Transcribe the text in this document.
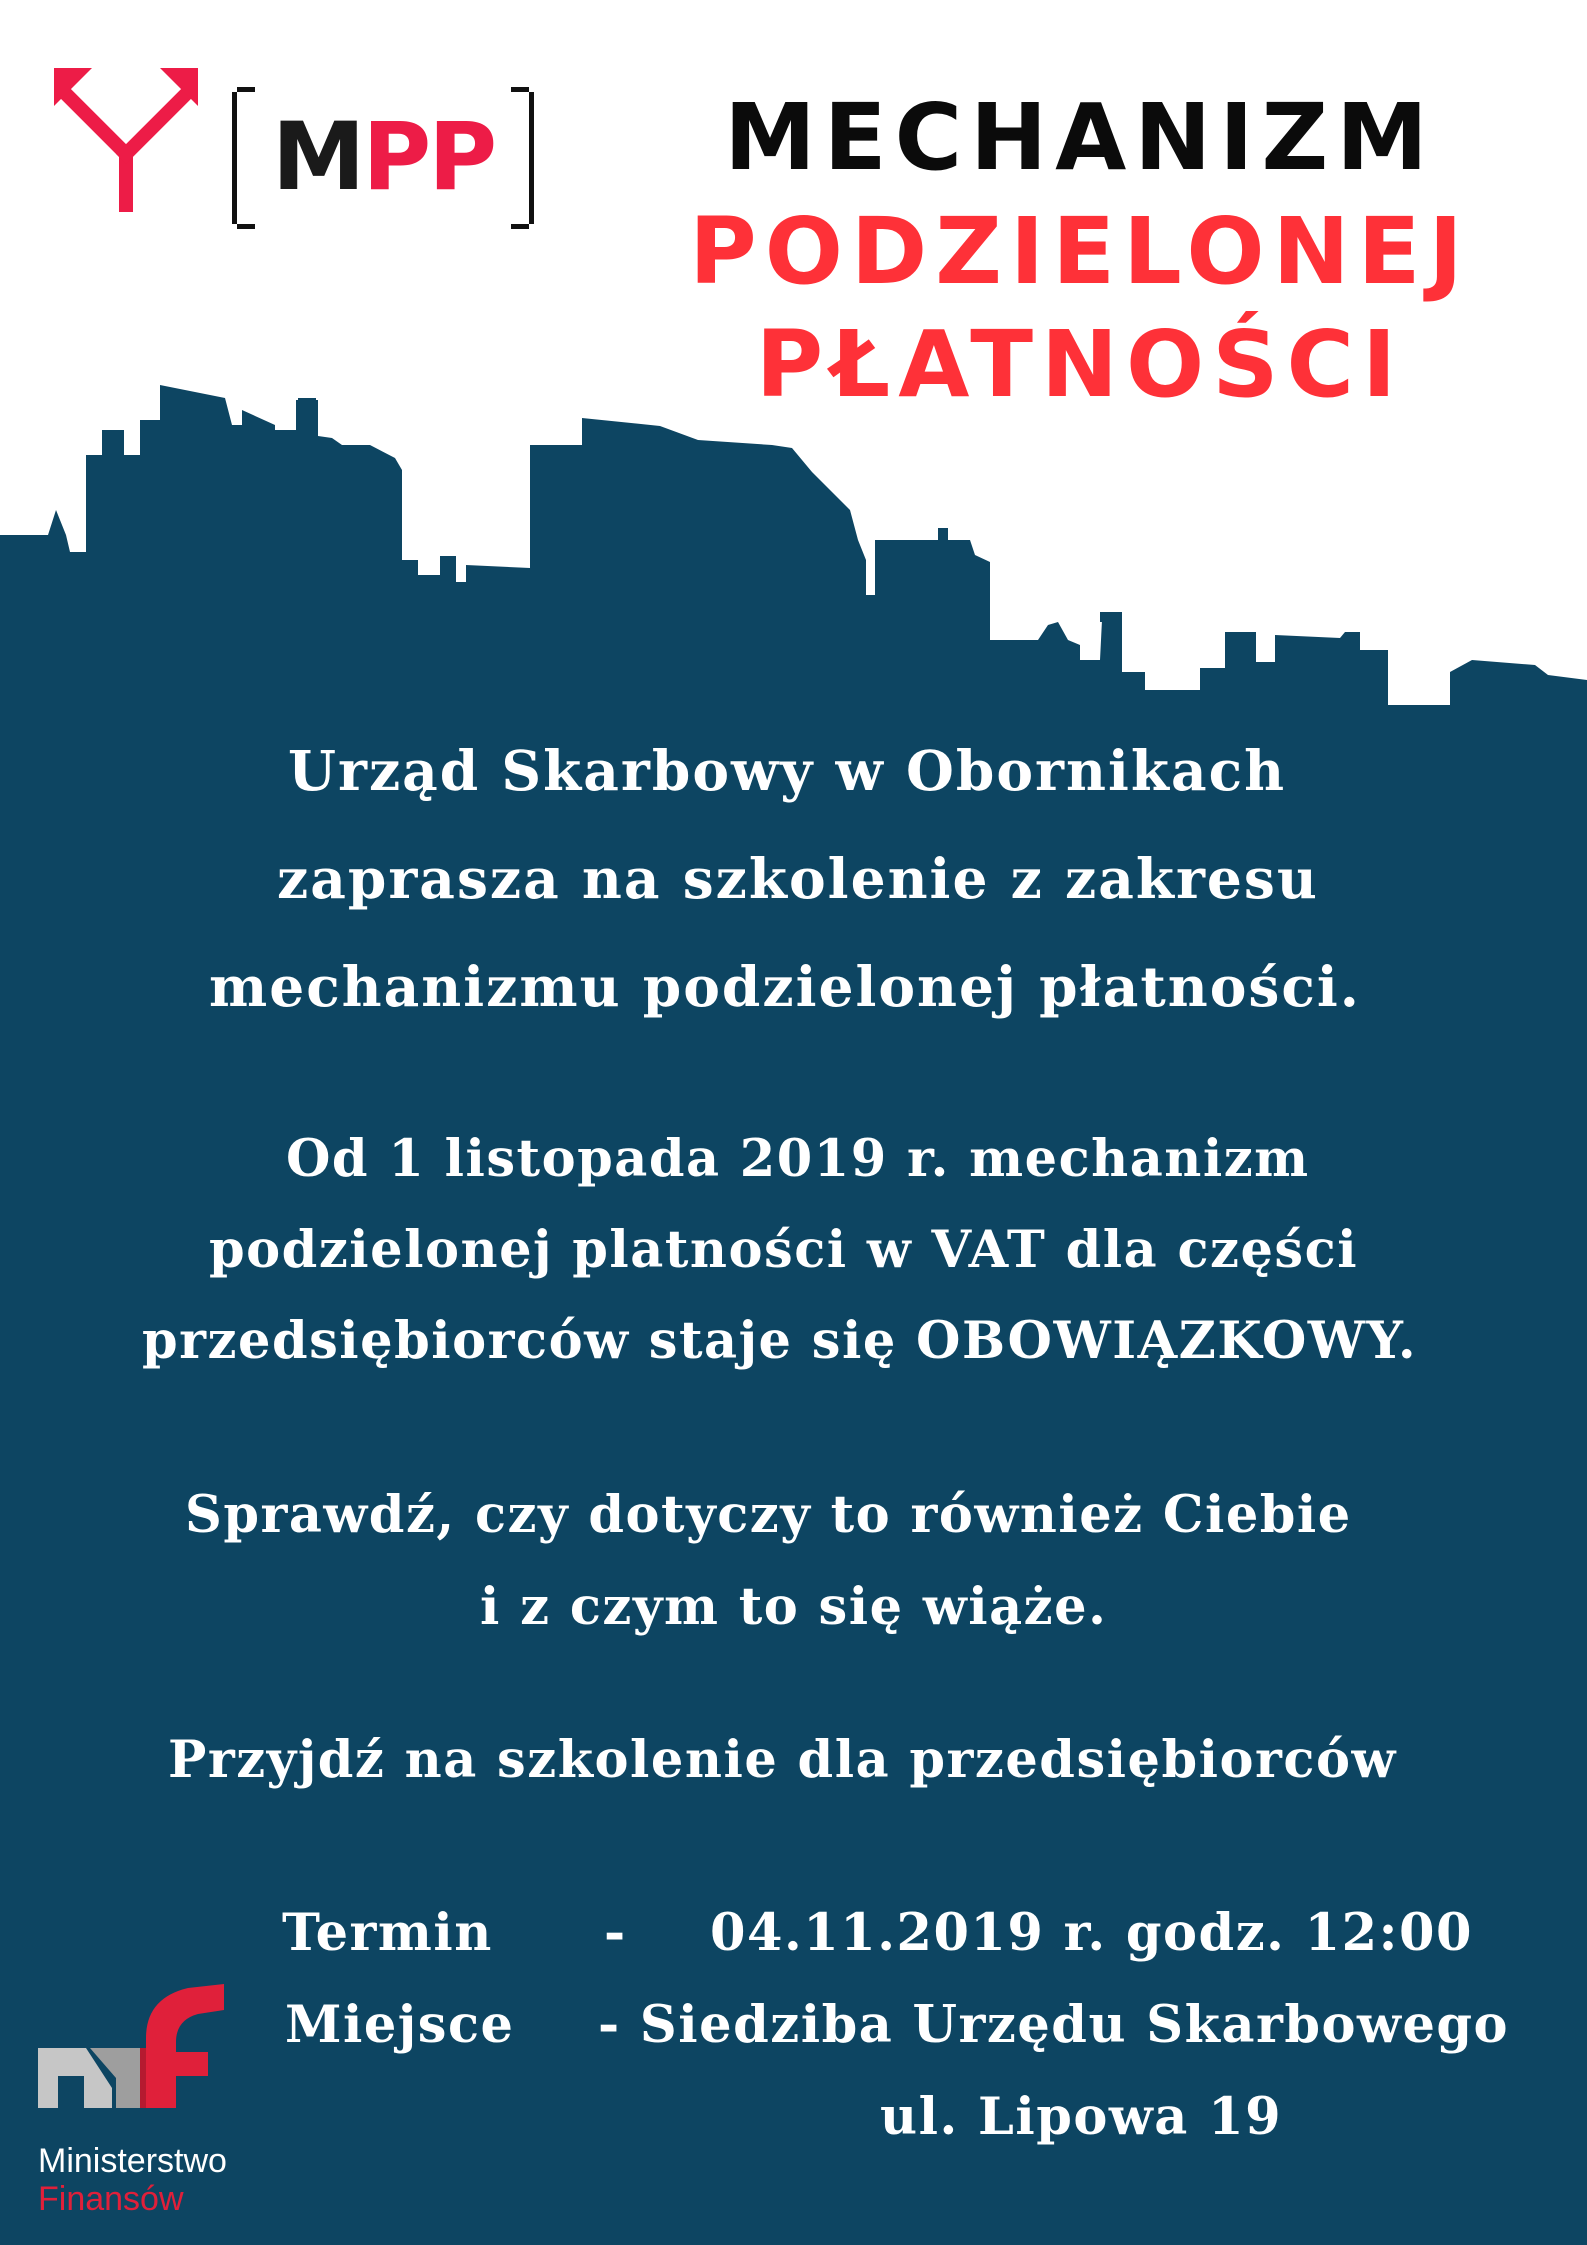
MPP	MECHANIZM
PODZIELONEJ
PŁATNOŚCI
Urząd Skarbowy w Obornikach
zaprasza na szkolenie z zakresu
mechanizmu podzielonej płatności.
Od 1 listopada 2019 r. mechanizm
podzielonej platności w VAT dla części
przedsiębiorców staje się OBOWIĄZKOWY.
Sprawdź, czy dotyczy to również Ciebie
i z czym to się wiąże.
Przyjdź na szkolenie dla przedsiębiorców
Termin - 04.11.2019 r. godz. 12:00
Miejsce - Siedziba Urzędu Skarbowego
ul. Lipowa 19
Ministerstwo
Finansów
